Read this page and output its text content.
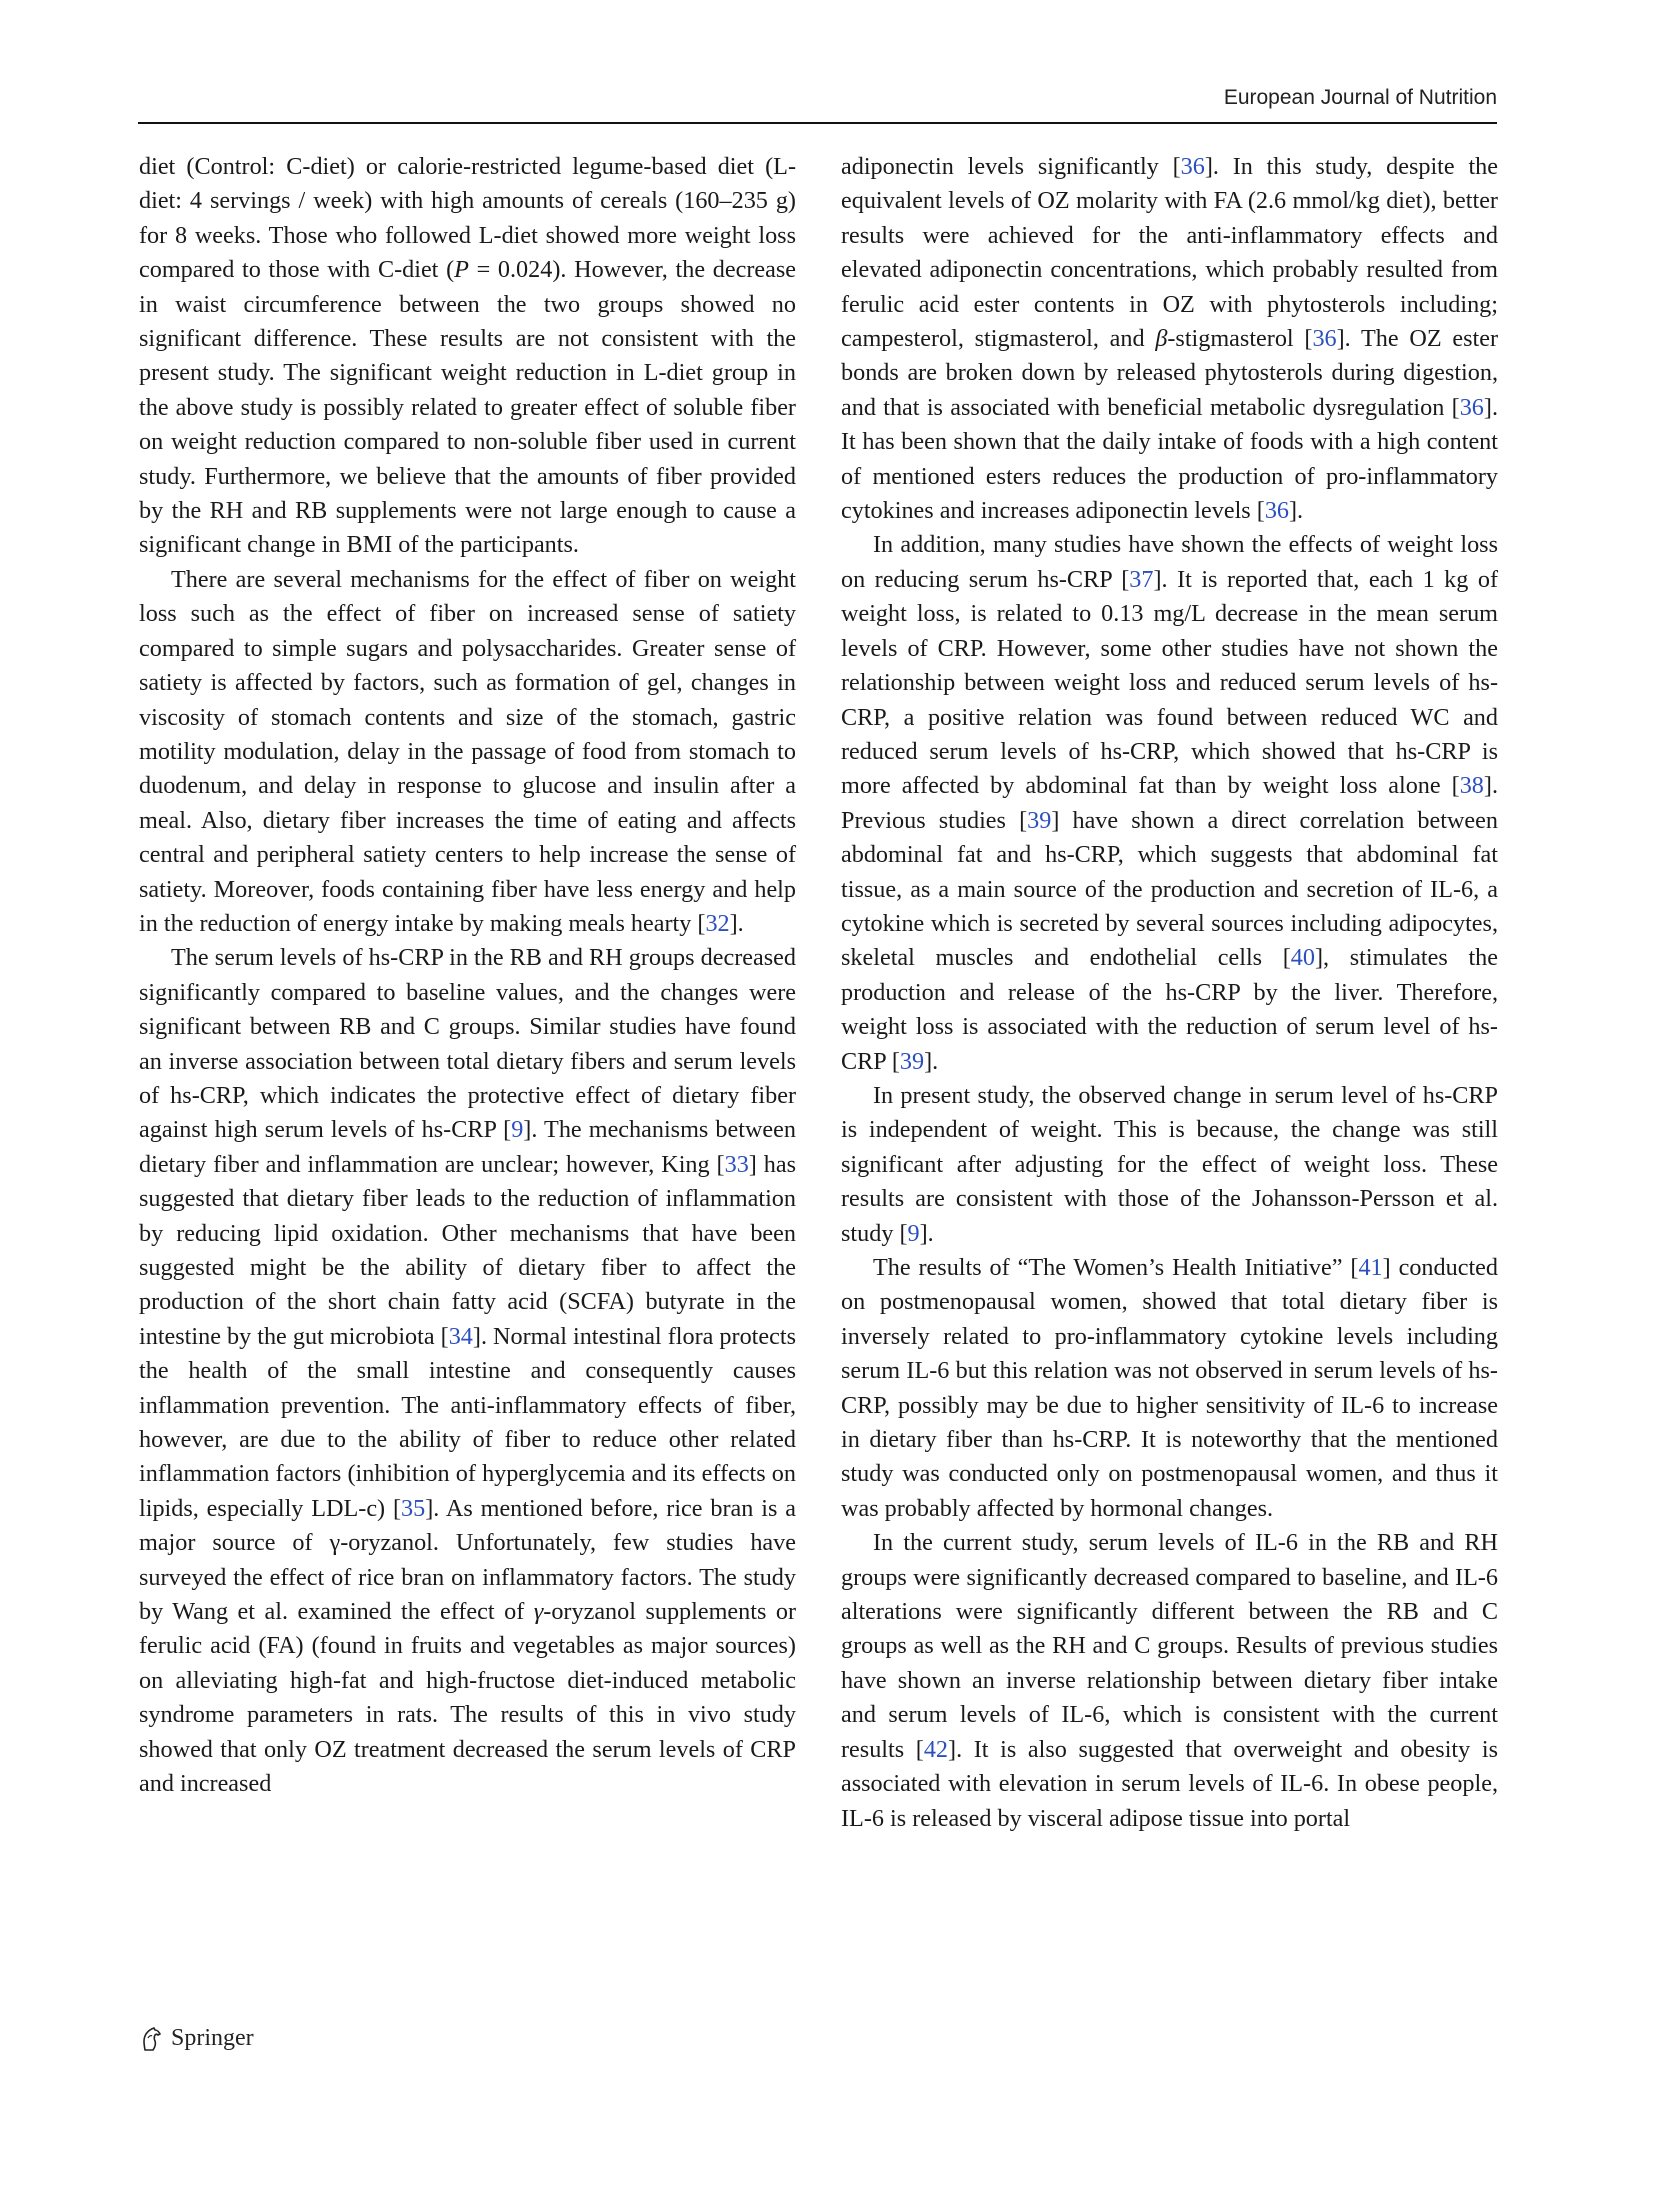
European Journal of Nutrition

diet (Control: C-diet) or calorie-restricted legume-based diet (L-diet: 4 servings / week) with high amounts of cereals (160–235 g) for 8 weeks. Those who followed L-diet showed more weight loss compared to those with C-diet (P = 0.024). However, the decrease in waist circumference between the two groups showed no significant difference. These results are not consistent with the present study. The significant weight reduction in L-diet group in the above study is possibly related to greater effect of soluble fiber on weight reduction compared to non-soluble fiber used in current study. Furthermore, we believe that the amounts of fiber provided by the RH and RB supplements were not large enough to cause a significant change in BMI of the participants.

There are several mechanisms for the effect of fiber on weight loss such as the effect of fiber on increased sense of satiety compared to simple sugars and polysaccharides. Greater sense of satiety is affected by factors, such as formation of gel, changes in viscosity of stomach contents and size of the stomach, gastric motility modulation, delay in the passage of food from stomach to duodenum, and delay in response to glucose and insulin after a meal. Also, dietary fiber increases the time of eating and affects central and peripheral satiety centers to help increase the sense of satiety. Moreover, foods containing fiber have less energy and help in the reduction of energy intake by making meals hearty [32].

The serum levels of hs-CRP in the RB and RH groups decreased significantly compared to baseline values, and the changes were significant between RB and C groups. Similar studies have found an inverse association between total dietary fibers and serum levels of hs-CRP, which indicates the protective effect of dietary fiber against high serum levels of hs-CRP [9]. The mechanisms between dietary fiber and inflammation are unclear; however, King [33] has suggested that dietary fiber leads to the reduction of inflammation by reducing lipid oxidation. Other mechanisms that have been suggested might be the ability of dietary fiber to affect the production of the short chain fatty acid (SCFA) butyrate in the intestine by the gut microbiota [34]. Normal intestinal flora protects the health of the small intestine and consequently causes inflammation prevention. The anti-inflammatory effects of fiber, however, are due to the ability of fiber to reduce other related inflammation factors (inhibition of hyperglycemia and its effects on lipids, especially LDL-c) [35]. As mentioned before, rice bran is a major source of γ-oryzanol. Unfortunately, few studies have surveyed the effect of rice bran on inflammatory factors. The study by Wang et al. examined the effect of γ-oryzanol supplements or ferulic acid (FA) (found in fruits and vegetables as major sources) on alleviating high-fat and high-fructose diet-induced metabolic syndrome parameters in rats. The results of this in vivo study showed that only OZ treatment decreased the serum levels of CRP and increased

adiponectin levels significantly [36]. In this study, despite the equivalent levels of OZ molarity with FA (2.6 mmol/kg diet), better results were achieved for the anti-inflammatory effects and elevated adiponectin concentrations, which probably resulted from ferulic acid ester contents in OZ with phytosterols including; campesterol, stigmasterol, and β-stigmasterol [36]. The OZ ester bonds are broken down by released phytosterols during digestion, and that is associated with beneficial metabolic dysregulation [36]. It has been shown that the daily intake of foods with a high content of mentioned esters reduces the production of pro-inflammatory cytokines and increases adiponectin levels [36].

In addition, many studies have shown the effects of weight loss on reducing serum hs-CRP [37]. It is reported that, each 1 kg of weight loss, is related to 0.13 mg/L decrease in the mean serum levels of CRP. However, some other studies have not shown the relationship between weight loss and reduced serum levels of hs-CRP, a positive relation was found between reduced WC and reduced serum levels of hs-CRP, which showed that hs-CRP is more affected by abdominal fat than by weight loss alone [38]. Previous studies [39] have shown a direct correlation between abdominal fat and hs-CRP, which suggests that abdominal fat tissue, as a main source of the production and secretion of IL-6, a cytokine which is secreted by several sources including adipocytes, skeletal muscles and endothelial cells [40], stimulates the production and release of the hs-CRP by the liver. Therefore, weight loss is associated with the reduction of serum level of hs-CRP [39].

In present study, the observed change in serum level of hs-CRP is independent of weight. This is because, the change was still significant after adjusting for the effect of weight loss. These results are consistent with those of the Johansson-Persson et al. study [9].

The results of “The Women’s Health Initiative” [41] conducted on postmenopausal women, showed that total dietary fiber is inversely related to pro-inflammatory cytokine levels including serum IL-6 but this relation was not observed in serum levels of hs-CRP, possibly may be due to higher sensitivity of IL-6 to increase in dietary fiber than hs-CRP. It is noteworthy that the mentioned study was conducted only on postmenopausal women, and thus it was probably affected by hormonal changes.

In the current study, serum levels of IL-6 in the RB and RH groups were significantly decreased compared to baseline, and IL-6 alterations were significantly different between the RB and C groups as well as the RH and C groups. Results of previous studies have shown an inverse relationship between dietary fiber intake and serum levels of IL-6, which is consistent with the current results [42]. It is also suggested that overweight and obesity is associated with elevation in serum levels of IL-6. In obese people, IL-6 is released by visceral adipose tissue into portal

Springer
